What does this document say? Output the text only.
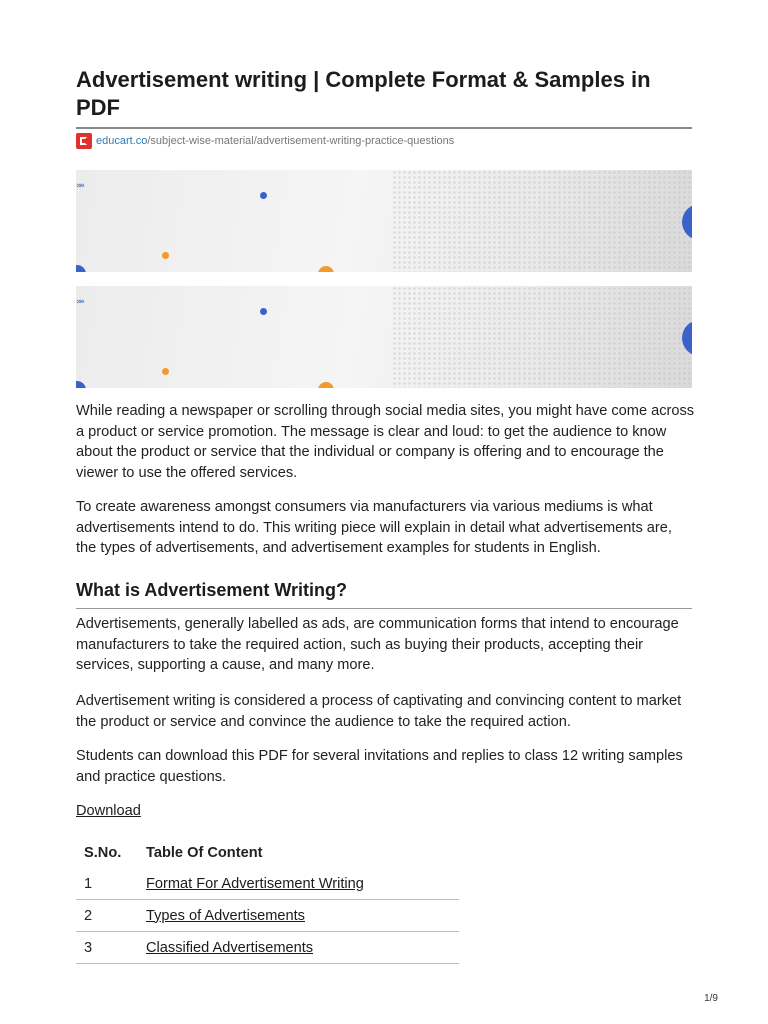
Advertisement writing | Complete Format & Samples in PDF
educart.co /subject-wise-material/advertisement-writing-practice-questions
»»
»»

While reading a newspaper or scrolling through social media sites, you might have come across a product or service promotion. The message is clear and loud: to get the audience to know about the product or service that the individual or company is offering and to encourage the viewer to use the offered services.

To create awareness amongst consumers via manufacturers via various mediums is what advertisements intend to do. This writing piece will explain in detail what advertisements are, the types of advertisements, and advertisement examples for students in English.

What is Advertisement Writing?

Advertisements, generally labelled as ads, are communication forms that intend to encourage manufacturers to take the required action, such as buying their products, accepting their services, supporting a cause, and many more.

Advertisement writing is considered a process of captivating and convincing content to market the product or service and convince the audience to take the required action.

Students can download this PDF for several invitations and replies to class 12 writing samples and practice questions.

Download
S.No.	Table Of Content
1	Format For Advertisement Writing
2	Types of Advertisements
3	Classified Advertisements
1/9
